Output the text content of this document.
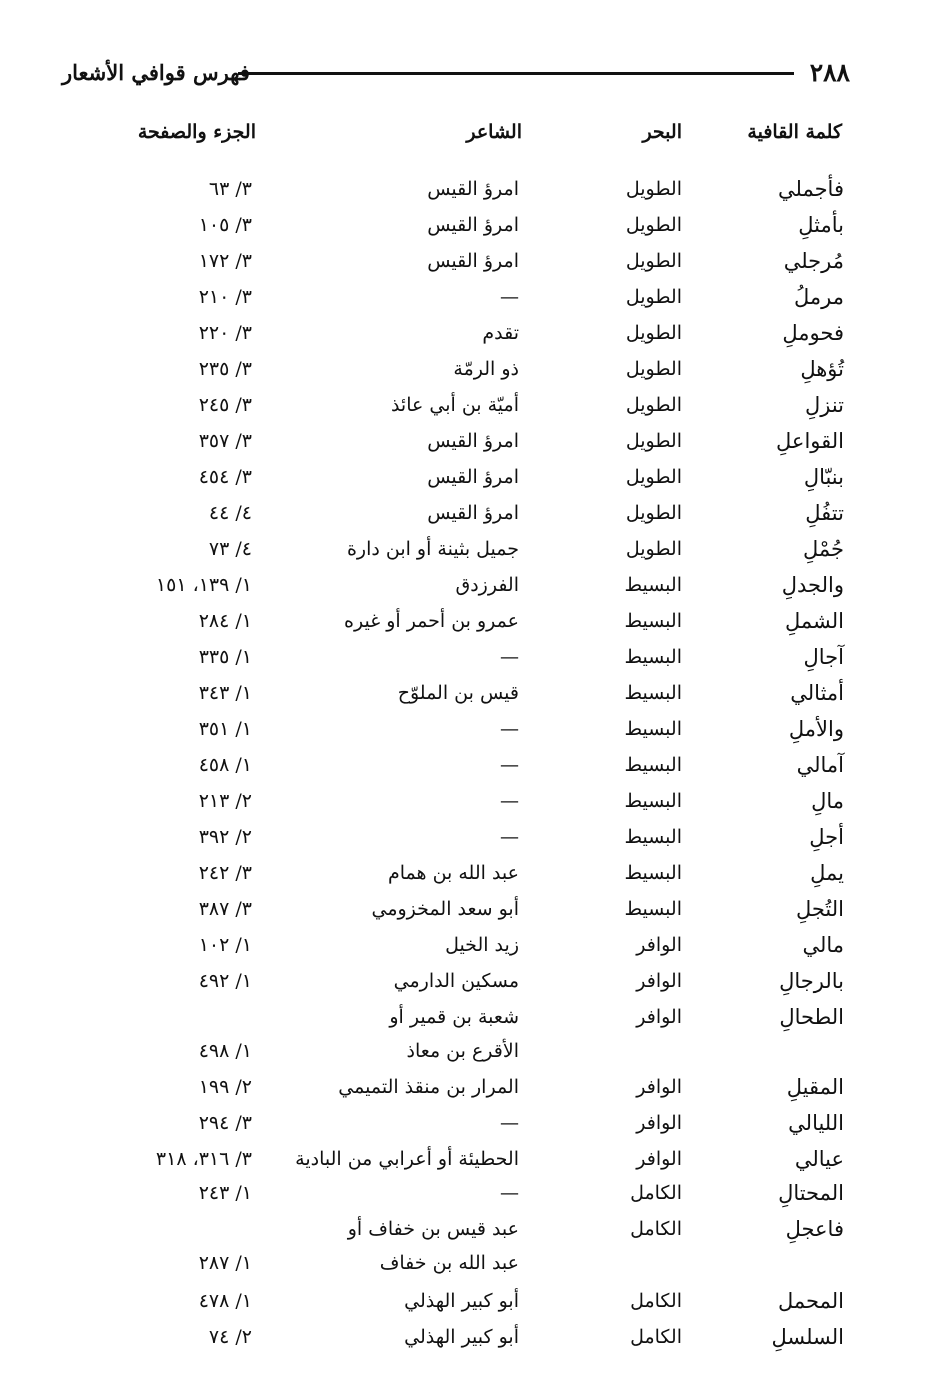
٢٨٨
فهرس قوافي الأشعار
كلمة القافية
البحر
الشاعر
الجزء والصفحة
فأجملي
الطويل
امرؤ القيس
٣/ ٦٣
بأمثلِ
الطويل
امرؤ القيس
٣/ ١٠٥
مُرجلي
الطويل
امرؤ القيس
٣/ ١٧٢
مرملُ
الطويل
—
٣/ ٢١٠
فحوملِ
الطويل
تقدم
٣/ ٢٢٠
تُؤهلِ
الطويل
ذو الرمّة
٣/ ٢٣٥
تنزلِ
الطويل
أميّة بن أبي عائذ
٣/ ٢٤٥
القواعلِ
الطويل
امرؤ القيس
٣/ ٣٥٧
بنبّالِ
الطويل
امرؤ القيس
٣/ ٤٥٤
تتفُلِ
الطويل
امرؤ القيس
٤/ ٤٤
جُمْلِ
الطويل
جميل بثينة أو ابن دارة
٤/ ٧٣
والجدلِ
البسيط
الفرزدق
١/ ١٣٩، ١٥١
الشملِ
البسيط
عمرو بن أحمر أو غيره
١/ ٢٨٤
آجالِ
البسيط
—
١/ ٣٣٥
أمثالي
البسيط
قيس بن الملوّح
١/ ٣٤٣
والأملِ
البسيط
—
١/ ٣٥١
آمالي
البسيط
—
١/ ٤٥٨
مالِ
البسيط
—
٢/ ٢١٣
أجلِ
البسيط
—
٢/ ٣٩٢
يملِ
البسيط
عبد الله بن همام
٣/ ٢٤٢
التُجلِ
البسيط
أبو سعد المخزومي
٣/ ٣٨٧
مالي
الوافر
زيد الخيل
١/ ١٠٢
بالرجالِ
الوافر
مسكين الدارمي
١/ ٤٩٢
الطحالِ
الوافر
شعبة بن قمير أو
الأقرع بن معاذ
١/ ٤٩٨
المقيلِ
الوافر
المرار بن منقذ التميمي
٢/ ١٩٩
الليالي
الوافر
—
٣/ ٢٩٤
عيالي
الوافر
الحطيئة أو أعرابي من البادية
٣/ ٣١٦، ٣١٨
المحتالِ
الكامل
—
١/ ٢٤٣
فاعجلِ
الكامل
عبد قيس بن خفاف أو
عبد الله بن خفاف
١/ ٢٨٧
المحمل
الكامل
أبو كبير الهذلي
١/ ٤٧٨
السلسلِ
الكامل
أبو كبير الهذلي
٢/ ٧٤
